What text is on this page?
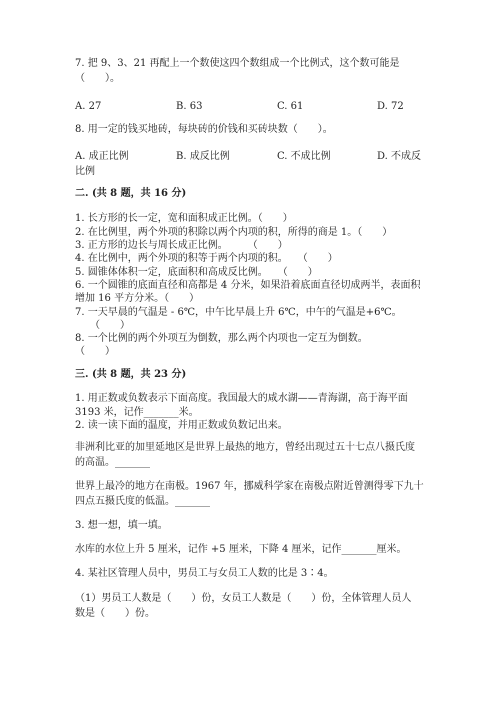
7. 把 9、3、21 再配上一个数使这四个数组成一个比例式，这个数可能是
（　　）。
A. 27	B. 63	C. 61	D. 72
8. 用一定的钱买地砖，每块砖的价钱和买砖块数（　　）。
A. 成正比例	B. 成反比例	C. 不成比例	D. 不成反
比例
二. (共 8 题，共 16 分)
1. 长方形的长一定，宽和面积成正比例。（　　）
2. 在比例里，两个外项的积除以两个内项的积，所得的商是 1。（　　）
3. 正方形的边长与周长成正比例。　　　（　　）
4. 在比例中，两个外项的积等于两个内项的积。　　（　　）
5. 圆锥体体积一定，底面积和高成反比例。　　（　　）
6. 一个圆锥的底面直径和高都是 4 分米，如果沿着底面直径切成两半，表面积
增加 16 平方分米。（　　）
7. 一天早晨的气温是 - 6℃，中午比早晨上升 6℃，中午的气温是+6℃。
　　（　　）
8. 一个比例的两个外项互为倒数，那么两个内项也一定互为倒数。
（　　）
三. (共 8 题，共 23 分)
1. 用正数或负数表示下面高度。我国最大的咸水湖——青海湖，高于海平面
3193 米，记作_______米。
2. 读一读下面的温度，并用正数或负数记出来。
非洲利比亚的加里延地区是世界上最热的地方，曾经出现过五十七点八摄氏度
的高温。_______
世界上最冷的地方在南极。1967 年，挪威科学家在南极点附近曾测得零下九十
四点五摄氏度的低温。_______
3. 想一想，填一填。
水库的水位上升 5 厘米，记作 +5 厘米，下降 4 厘米，记作_______厘米。
4. 某社区管理人员中，男员工与女员工人数的比是 3∶4。
（1）男员工人数是（　　）份，女员工人数是（　　）份，全体管理人员人
数是（　　）份。
